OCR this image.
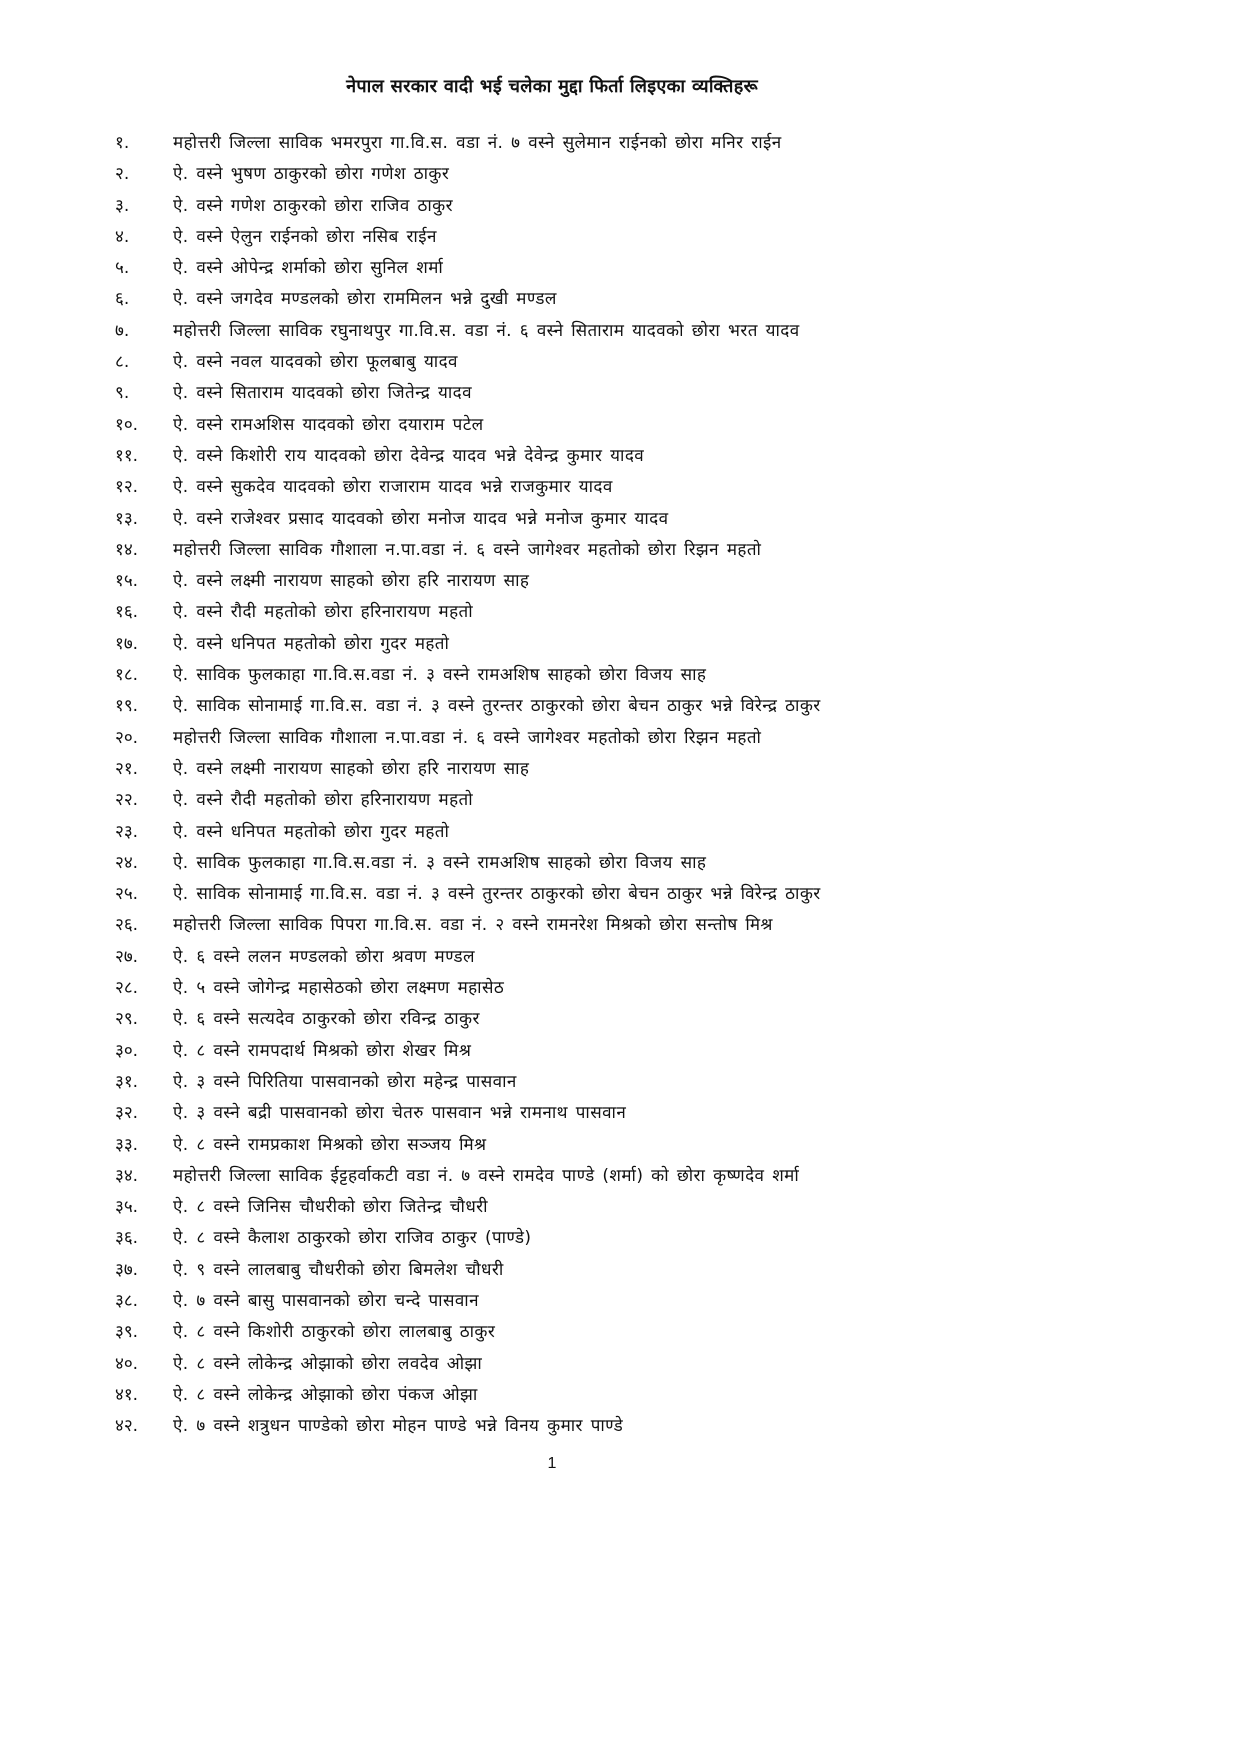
नेपाल सरकार वादी भई चलेका मुद्दा फिर्ता लिइएका व्यक्तिहरू
१.	महोत्तरी जिल्ला साविक भमरपुरा गा.वि.स. वडा नं. ७ वस्ने सुलेमान राईनको छोरा मनिर राईन
२.	ऐ. वस्ने भुषण ठाकुरको छोरा गणेश ठाकुर
३.	ऐ. वस्ने गणेश ठाकुरको छोरा राजिव ठाकुर
४.	ऐ. वस्ने ऐलुन राईनको छोरा नसिब राईन
५.	ऐ. वस्ने ओपेन्द्र शर्माको छोरा सुनिल शर्मा
६.	ऐ. वस्ने जगदेव मण्डलको छोरा राममिलन भन्ने दुखी मण्डल
७.	महोत्तरी जिल्ला साविक रघुनाथपुर गा.वि.स. वडा नं. ६ वस्ने सिताराम यादवको छोरा भरत यादव
८.	ऐ. वस्ने नवल यादवको छोरा फूलबाबु यादव
९.	ऐ. वस्ने सिताराम यादवको छोरा जितेन्द्र यादव
१०.	ऐ. वस्ने रामअशिस यादवको छोरा दयाराम पटेल
११.	ऐ. वस्ने किशोरी राय यादवको छोरा देवेन्द्र यादव भन्ने देवेन्द्र कुमार यादव
१२.	ऐ. वस्ने सुकदेव यादवको छोरा राजाराम यादव भन्ने राजकुमार यादव
१३.	ऐ. वस्ने राजेश्वर प्रसाद यादवको छोरा मनोज यादव भन्ने मनोज कुमार यादव
१४.	महोत्तरी जिल्ला साविक गौशाला न.पा.वडा नं. ६ वस्ने जागेश्वर महतोको छोरा रिझन महतो
१५.	ऐ. वस्ने लक्ष्मी नारायण साहको छोरा हरि नारायण साह
१६.	ऐ. वस्ने रौदी महतोको छोरा हरिनारायण महतो
१७.	ऐ. वस्ने धनिपत महतोको छोरा गुदर महतो
१८.	ऐ. साविक फुलकाहा गा.वि.स.वडा नं. ३ वस्ने रामअशिष साहको छोरा विजय साह
१९.	ऐ. साविक सोनामाई गा.वि.स. वडा नं. ३ वस्ने तुरन्तर ठाकुरको छोरा बेचन ठाकुर भन्ने विरेन्द्र ठाकुर
२०.	महोत्तरी जिल्ला साविक गौशाला न.पा.वडा नं. ६ वस्ने जागेश्वर महतोको छोरा रिझन महतो
२१.	ऐ. वस्ने लक्ष्मी नारायण साहको छोरा हरि नारायण साह
२२.	ऐ. वस्ने रौदी महतोको छोरा हरिनारायण महतो
२३.	ऐ. वस्ने धनिपत महतोको छोरा गुदर महतो
२४.	ऐ. साविक फुलकाहा गा.वि.स.वडा नं. ३ वस्ने रामअशिष साहको छोरा विजय साह
२५.	ऐ. साविक सोनामाई गा.वि.स. वडा नं. ३ वस्ने तुरन्तर ठाकुरको छोरा बेचन ठाकुर भन्ने विरेन्द्र ठाकुर
२६.	महोत्तरी जिल्ला साविक पिपरा गा.वि.स. वडा नं. २ वस्ने रामनरेश मिश्रको छोरा सन्तोष मिश्र
२७.	ऐ. ६ वस्ने ललन मण्डलको छोरा श्रवण मण्डल
२८.	ऐ. ५ वस्ने जोगेन्द्र महासेठको छोरा लक्ष्मण महासेठ
२९.	ऐ. ६ वस्ने सत्यदेव ठाकुरको छोरा रविन्द्र ठाकुर
३०.	ऐ. ८ वस्ने रामपदार्थ मिश्रको छोरा शेखर मिश्र
३१.	ऐ. ३ वस्ने पिरितिया पासवानको छोरा महेन्द्र पासवान
३२.	ऐ. ३ वस्ने बद्री पासवानको छोरा चेतरु पासवान भन्ने रामनाथ पासवान
३३.	ऐ. ८ वस्ने रामप्रकाश मिश्रको छोरा सञ्जय मिश्र
३४.	महोत्तरी जिल्ला साविक ईट्टहर्वाकटी वडा नं. ७ वस्ने रामदेव पाण्डे (शर्मा) को छोरा कृष्णदेव शर्मा
३५.	ऐ. ८ वस्ने जिनिस चौधरीको छोरा जितेन्द्र चौधरी
३६.	ऐ. ८ वस्ने कैलाश ठाकुरको छोरा राजिव ठाकुर (पाण्डे)
३७.	ऐ. ९ वस्ने लालबाबु चौधरीको छोरा बिमलेश चौधरी
३८.	ऐ. ७ वस्ने बासु पासवानको छोरा चन्दे पासवान
३९.	ऐ. ८ वस्ने किशोरी ठाकुरको छोरा लालबाबु ठाकुर
४०.	ऐ. ८ वस्ने लोकेन्द्र ओझाको छोरा लवदेव ओझा
४१.	ऐ. ८ वस्ने लोकेन्द्र ओझाको छोरा पंकज ओझा
४२.	ऐ. ७ वस्ने शत्रुधन पाण्डेको छोरा मोहन पाण्डे भन्ने विनय कुमार पाण्डे
1
